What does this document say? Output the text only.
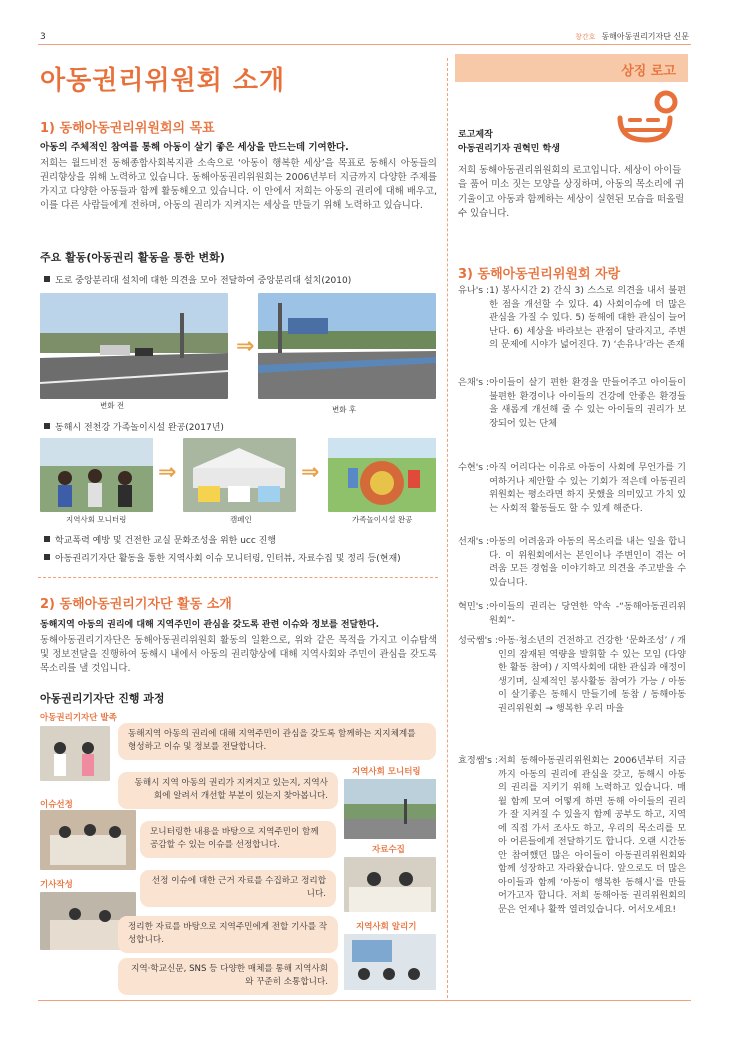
3	창간호 동해아동권리기자단 신문
아동권리위원회 소개
1) 동해아동권리위원회의 목표
아동의 주체적인 참여를 통해 아동이 살기 좋은 세상을 만드는데 기여한다.
저희는 월드비전 동해종합사회복지관 소속으로 ‘아동이 행복한 세상’을 목표로 동해시 아동들의 권리향상을 위해 노력하고 있습니다. 동해아동권리위원회는 2006년부터 지금까지 다양한 주제를 가지고 다양한 아동들과 함께 활동해오고 있습니다. 이 안에서 저희는 아동의 권리에 대해 배우고, 이를 다른 사람들에게 전하며, 아동의 권리가 지켜지는 세상을 만들기 위해 노력하고 있습니다.
주요 활동(아동권리 활동을 통한 변화)
도로 중앙분리대 설치에 대한 의견을 모아 전달하여 중앙분리대 설치(2010)
⇒
변화 전	변화 후
동해시 전천강 가족놀이시설 완공(2017년)
⇒	⇒
지역사회 모니터링	캠페인	가족놀이시설 완공
학교폭력 예방 및 건전한 교실 문화조성을 위한 ucc 진행
아동권리기자단 활동을 통한 지역사회 이슈 모니터링, 인터뷰, 자료수집 및 정리 등(현재)
2) 동해아동권리기자단 활동 소개
동해지역 아동의 권리에 대해 지역주민이 관심을 갖도록 관련 이슈와 정보를 전달한다.
동해아동권리기자단은 동해아동권리위원회 활동의 일환으로, 위와 같은 목적을 가지고 이슈탐색 및 정보전달을 진행하여 동해시 내에서 아동의 권리향상에 대해 지역사회와 주민이 관심을 갖도록 목소리를 낼 것입니다.
아동권리기자단 진행 과정
아동권리기자단 발족
동해지역 아동의 권리에 대해 지역주민이 관심을 갖도록 함께하는 지지체계를 형성하고 이슈 및 정보를 전달합니다.
지역사회 모니터링
동해시 지역 아동의 권리가 지켜지고 있는지, 지역사회에 알려서 개선할 부분이 있는지 찾아봅니다.
이슈선정
모니터링한 내용을 바탕으로 지역주민이 함께 공감할 수 있는 이슈를 선정합니다.	자료수집
선정 이슈에 대한 근거 자료를 수집하고 정리합니다.
기사작성
정리한 자료를 바탕으로 지역주민에게 전할 기사를 작성합니다.
지역사회 알리기
지역·학교신문, SNS 등 다양한 매체를 통해 지역사회와 꾸준히 소통합니다.
상징 로고
로고제작
아동권리기자 권혁민 학생
저희 동해아동권리위원회의 로고입니다. 세상이 아이들을 품어 미소 짓는 모양을 상징하며, 아동의 목소리에 귀 기울이고 아동과 함께하는 세상이 실현된 모습을 떠올릴 수 있습니다.
3) 동해아동권리위원회 자랑
유나's : 1) 봉사시간 2) 간식 3) 스스로 의견을 내서 불편한 점을 개선할 수 있다. 4) 사회이슈에 더 많은 관심을 가질 수 있다. 5) 동해에 대한 관심이 늘어난다. 6) 세상을 바라보는 관점이 달라지고, 주변의 문제에 시야가 넓어진다. 7) ‘손유나’라는 존재
은채's : 아이들이 살기 편한 환경을 만들어주고 아이들이 불편한 환경이나 아이들의 건강에 안좋은 환경들을 새롭게 개선해 줄 수 있는 아이들의 권리가 보장되어 있는 단체
수현's : 아직 어리다는 이유로 아동이 사회에 무언가를 기여하거나 제안할 수 있는 기회가 적은데 아동권리위원회는 평소라면 하지 못했을 의미있고 가치 있는 사회적 활동들도 할 수 있게 해준다.
선재's : 아동의 어려움과 아동의 목소리를 내는 일을 합니다. 이 위원회에서는 본인이나 주변인이 겪는 어려움 모든 경험을 이야기하고 의견을 주고받을 수 있습니다.
혁민's : 아이들의 권리는 당연한 약속 -“동해아동권리위원회”-
성국쌤's : 아동·청소년의 건전하고 건강한 ‘문화조성’ / 개인의 잠재된 역량을 발휘할 수 있는 모임 (다양한 활동 참여) / 지역사회에 대한 관심과 애정이 생기며, 실제적인 봉사활동 참여가 가능 / 아동이 살기좋은 동해시 만들기에 동참 / 동해아동권리위원회 → 행복한 우리 마을
효정쌤's : 저희 동해아동권리위원회는 2006년부터 지금까지 아동의 권리에 관심을 갖고, 동해시 아동의 권리를 지키기 위해 노력하고 있습니다. 매월 함께 모여 어떻게 하면 동해 아이들의 권리가 잘 지켜질 수 있을지 함께 공부도 하고, 지역에 직접 가서 조사도 하고, 우리의 목소리를 모아 어른들에게 전달하기도 합니다. 오랜 시간동안 참여했던 많은 아이들이 아동권리위원회와 함께 성장하고 자라왔습니다. 앞으로도 더 많은 아이들과 함께 ‘아동이 행복한 동해시’를 만들어가고자 합니다. 저희 동해아동 권리위원회의 문은 언제나 활짝 열려있습니다. 어서오세요!
